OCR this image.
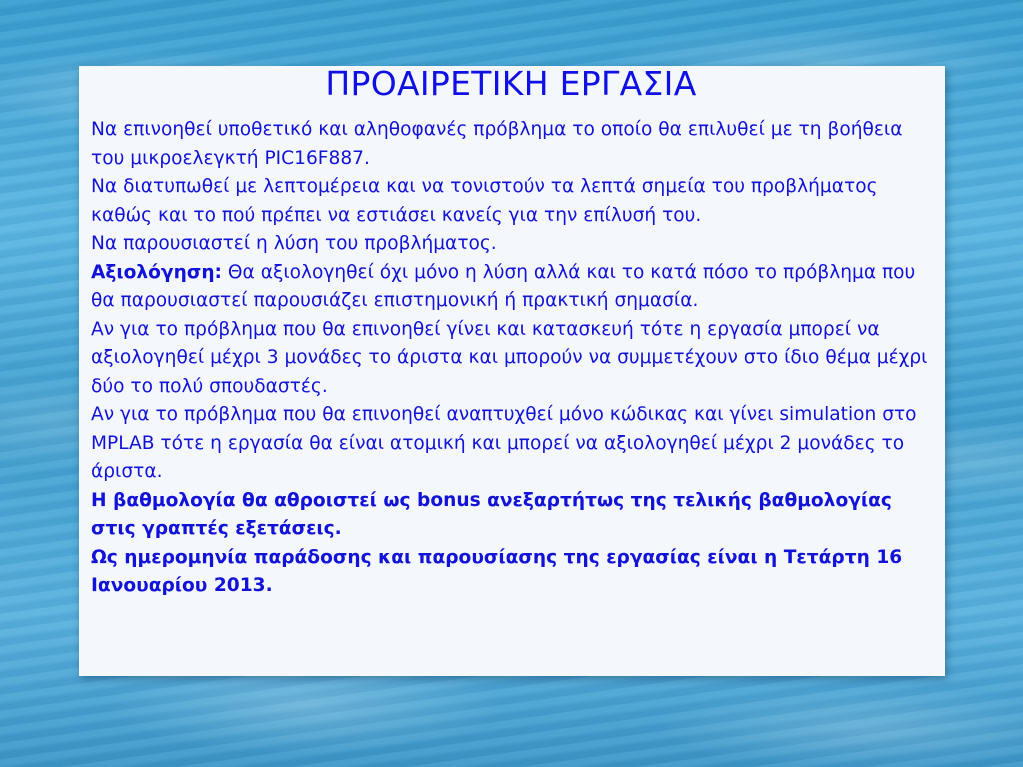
ΠΡΟΑΙΡΕΤΙΚΗ ΕΡΓΑΣΙΑ

Να επινοηθεί υποθετικό και αληθοφανές πρόβλημα το οποίο θα επιλυθεί με τη βοήθεια του μικροελεγκτή PIC16F887.

Να διατυπωθεί με λεπτομέρεια και να τονιστούν τα λεπτά σημεία του προβλήματος καθώς και το πού πρέπει να εστιάσει κανείς για την επίλυσή του.

Να παρουσιαστεί η λύση του προβλήματος.

Αξιολόγηση: Θα αξιολογηθεί όχι μόνο η λύση αλλά και το κατά πόσο το πρόβλημα που θα παρουσιαστεί παρουσιάζει επιστημονική ή πρακτική σημασία.

Αν για το πρόβλημα που θα επινοηθεί γίνει και κατασκευή τότε η εργασία μπορεί να αξιολογηθεί μέχρι 3 μονάδες το άριστα και μπορούν να συμμετέχουν στο ίδιο θέμα μέχρι δύο το πολύ σπουδαστές.

Αν για το πρόβλημα που θα επινοηθεί αναπτυχθεί μόνο κώδικας και γίνει simulation στο MPLAB τότε η εργασία θα είναι ατομική και μπορεί να αξιολογηθεί μέχρι 2 μονάδες το άριστα.

Η βαθμολογία θα αθροιστεί ως bonus ανεξαρτήτως της τελικής βαθμολογίας στις γραπτές εξετάσεις.

Ως ημερομηνία παράδοσης και παρουσίασης της εργασίας είναι η Τετάρτη 16 Ιανουαρίου 2013.
